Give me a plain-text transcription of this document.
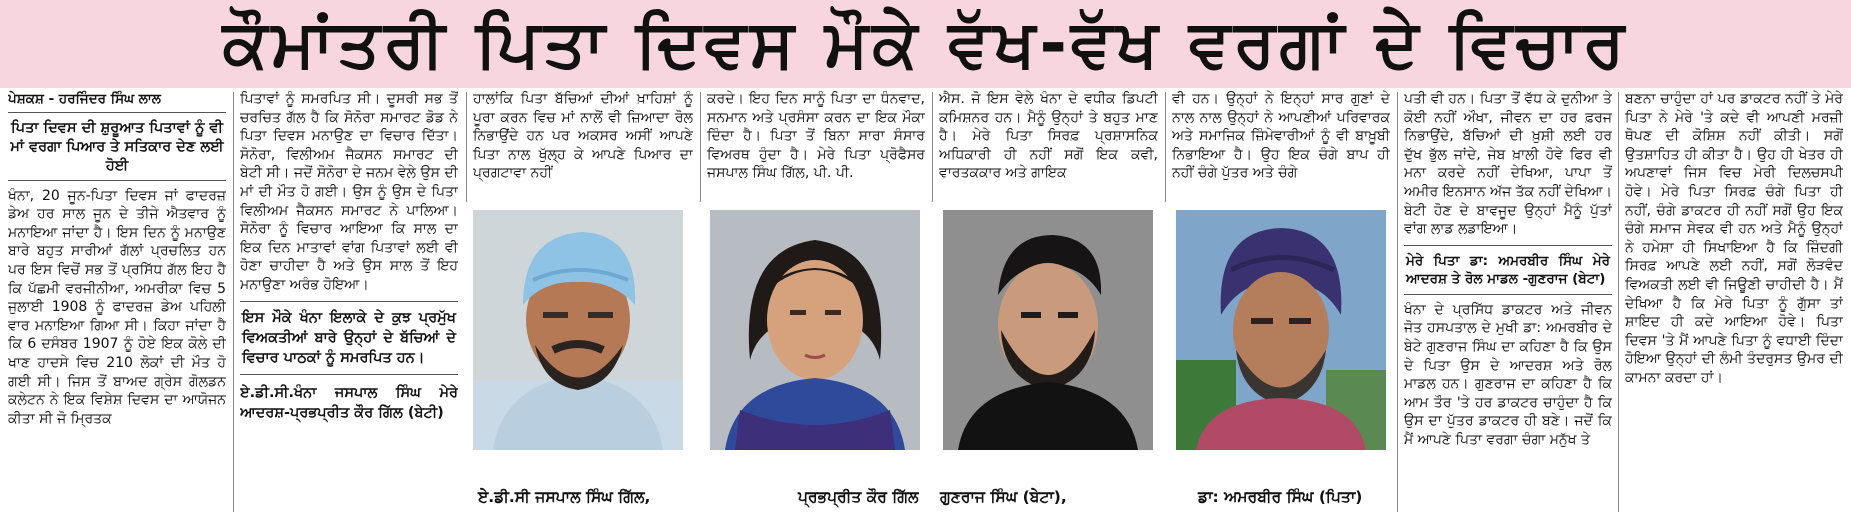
ਕੌਮਾਂਤਰੀ ਪਿਤਾ ਦਿਵਸ ਮੌਕੇ ਵੱਖ-ਵੱਖ ਵਰਗਾਂ ਦੇ ਵਿਚਾਰ
ਪੇਸ਼ਕਸ਼ - ਹਰਜਿੰਦਰ ਸਿੰਘ ਲਾਲ
ਪਿਤਾ ਦਿਵਸ ਦੀ ਸ਼ੁਰੂਆਤ ਪਿਤਾਵਾਂ ਨੂੰ ਵੀ ਮਾਂ ਵਰਗਾ ਪਿਆਰ ਤੇ ਸਤਿਕਾਰ ਦੇਣ ਲਈ ਹੋਈ

ਖੰਨਾ, 20 ਜੂਨ-ਪਿਤਾ ਦਿਵਸ ਜਾਂ ਫਾਦਰਜ਼ ਡੇਅ ਹਰ ਸਾਲ ਜੂਨ ਦੇ ਤੀਜੇ ਐਤਵਾਰ ਨੂੰ ਮਨਾਇਆ ਜਾਂਦਾ ਹੈ। ਇਸ ਦਿਨ ਨੂੰ ਮਨਾਉਣ ਬਾਰੇ ਬਹੁਤ ਸਾਰੀਆਂ ਗੱਲਾਂ ਪ੍ਰਚਲਿਤ ਹਨ ਪਰ ਇਸ ਵਿਚੋਂ ਸਭ ਤੋਂ ਪ੍ਰਸਿੱਧ ਗੱਲ ਇਹ ਹੈ ਕਿ ਪੱਛਮੀ ਵਰਜੀਨੀਆ, ਅਮਰੀਕਾ ਵਿਚ 5 ਜੁਲਾਈ 1908 ਨੂੰ ਫਾਦਰਜ਼ ਡੇਅ ਪਹਿਲੀ ਵਾਰ ਮਨਾਇਆ ਗਿਆ ਸੀ। ਕਿਹਾ ਜਾਂਦਾ ਹੈ ਕਿ 6 ਦਸੰਬਰ 1907 ਨੂੰ ਹੋਏ ਇਕ ਕੋਲੇ ਦੀ ਖਾਣ ਹਾਦਸੇ ਵਿਚ 210 ਲੋਕਾਂ ਦੀ ਮੌਤ ਹੋ ਗਈ ਸੀ। ਜਿਸ ਤੋਂ ਬਾਅਦ ਗ੍ਰੇਸ ਗੋਲਡਨ ਕਲੇਟਨ ਨੇ ਇਕ ਵਿਸ਼ੇਸ਼ ਦਿਵਸ ਦਾ ਆਯੋਜਨ ਕੀਤਾ ਸੀ ਜੋ ਮ੍ਰਿਤਕ

ਪਿਤਾਵਾਂ ਨੂੰ ਸਮਰਪਿਤ ਸੀ। ਦੂਸਰੀ ਸਭ ਤੋਂ ਚਰਚਿਤ ਗੱਲ ਹੈ ਕਿ ਸੋਨੋਰਾ ਸਮਾਰਟ ਡੋਡ ਨੇ ਪਿਤਾ ਦਿਵਸ ਮਨਾਉਣ ਦਾ ਵਿਚਾਰ ਦਿੱਤਾ। ਸੋਨੋਰਾ, ਵਿਲੀਅਮ ਜੈਕਸਨ ਸਮਾਰਟ ਦੀ ਬੇਟੀ ਸੀ। ਜਦੋਂ ਸੋਨੋਰਾ ਦੇ ਜਨਮ ਵੇਲੇ ਉਸ ਦੀ ਮਾਂ ਦੀ ਮੌਤ ਹੋ ਗਈ। ਉਸ ਨੂੰ ਉਸ ਦੇ ਪਿਤਾ ਵਿਲੀਅਮ ਜੈਕਸਨ ਸਮਾਰਟ ਨੇ ਪਾਲਿਆ। ਸੋਨੋਰਾ ਨੂੰ ਵਿਚਾਰ ਆਇਆ ਕਿ ਸਾਲ ਦਾ ਇਕ ਦਿਨ ਮਾਤਾਵਾਂ ਵਾਂਗ ਪਿਤਾਵਾਂ ਲਈ ਵੀ ਹੋਣਾ ਚਾਹੀਦਾ ਹੈ ਅਤੇ ਉਸ ਸਾਲ ਤੋਂ ਇਹ ਮਨਾਉਣਾ ਅਰੰਭ ਹੋਇਆ।

ਇਸ ਮੌਕੇ ਖੰਨਾ ਇਲਾਕੇ ਦੇ ਕੁਝ ਪ੍ਰਮੁੱਖ ਵਿਅਕਤੀਆਂ ਬਾਰੇ ਉਨ੍ਹਾਂ ਦੇ ਬੱਚਿਆਂ ਦੇ ਵਿਚਾਰ ਪਾਠਕਾਂ ਨੂੰ ਸਮਰਪਿਤ ਹਨ।
ਏ.ਡੀ.ਸੀ.ਖੰਨਾ ਜਸਪਾਲ ਸਿੰਘ ਮੇਰੇ ਆਦਰਸ਼-ਪ੍ਰਭਪ੍ਰੀਤ ਕੌਰ ਗਿੱਲ (ਬੇਟੀ)

ਹਾਲਾਂਕਿ ਪਿਤਾ ਬੱਚਿਆਂ ਦੀਆਂ ਖ਼ਾਹਿਸ਼ਾਂ ਨੂੰ ਪੂਰਾ ਕਰਨ ਵਿਚ ਮਾਂ ਨਾਲੋਂ ਵੀ ਜ਼ਿਆਦਾ ਰੋਲ ਨਿਭਾਉਂਦੇ ਹਨ ਪਰ ਅਕਸਰ ਅਸੀਂ ਆਪਣੇ ਪਿਤਾ ਨਾਲ ਖੁੱਲ੍ਹ ਕੇ ਆਪਣੇ ਪਿਆਰ ਦਾ ਪ੍ਰਗਟਾਵਾ ਨਹੀਂ

ਕਰਦੇ। ਇਹ ਦਿਨ ਸਾਨੂੰ ਪਿਤਾ ਦਾ ਧੰਨਵਾਦ, ਸਨਮਾਨ ਅਤੇ ਪ੍ਰਸੰਸਾ ਕਰਨ ਦਾ ਇਕ ਮੌਕਾ ਦਿੰਦਾ ਹੈ। ਪਿਤਾ ਤੋਂ ਬਿਨਾ ਸਾਰਾ ਸੰਸਾਰ ਵਿਅਰਥ ਹੁੰਦਾ ਹੈ। ਮੇਰੇ ਪਿਤਾ ਪ੍ਰੋਫੈਸਰ ਜਸਪਾਲ ਸਿੰਘ ਗਿੱਲ, ਪੀ. ਪੀ.

ਐਸ. ਜੋ ਇਸ ਵੇਲੇ ਖੰਨਾ ਦੇ ਵਧੀਕ ਡਿਪਟੀ ਕਮਿਸ਼ਨਰ ਹਨ। ਮੈਨੂੰ ਉਨ੍ਹਾਂ ਤੇ ਬਹੁਤ ਮਾਣ ਹੈ। ਮੇਰੇ ਪਿਤਾ ਸਿਰਫ਼ ਪ੍ਰਸ਼ਾਸਨਿਕ ਅਧਿਕਾਰੀ ਹੀ ਨਹੀਂ ਸਗੋਂ ਇਕ ਕਵੀ, ਵਾਰਤਕਕਾਰ ਅਤੇ ਗਾਇਕ

ਵੀ ਹਨ। ਉਨ੍ਹਾਂ ਨੇ ਇਨ੍ਹਾਂ ਸਾਰ ਗੁਣਾਂ ਦੇ ਨਾਲ ਨਾਲ ਉਨ੍ਹਾਂ ਨੇ ਆਪਣੀਆਂ ਪਰਿਵਾਰਕ ਅਤੇ ਸਮਾਜਿਕ ਜ਼ਿੰਮੇਵਾਰੀਆਂ ਨੂੰ ਵੀ ਬਾਖ਼ੂਬੀ ਨਿਭਾਇਆ ਹੈ। ਉਹ ਇਕ ਚੰਗੇ ਬਾਪ ਹੀ ਨਹੀਂ ਚੰਗੇ ਪੁੱਤਰ ਅਤੇ ਚੰਗੇ

ਏ.ਡੀ.ਸੀ ਜਸਪਾਲ ਸਿੰਘ ਗਿੱਲ,	ਪ੍ਰਭਪ੍ਰੀਤ ਕੌਰ ਗਿੱਲ ਗੁਣਰਾਜ ਸਿੰਘ (ਬੇਟਾ),	ਡਾ: ਅਮਰਬੀਰ ਸਿੰਘ (ਪਿਤਾ)

ਪਤੀ ਵੀ ਹਨ। ਪਿਤਾ ਤੋਂ ਵੱਧ ਕੇ ਦੁਨੀਆ ਤੇ ਕੋਈ ਨਹੀਂ ਔਖਾ, ਜੀਵਨ ਦਾ ਹਰ ਫ਼ਰਜ ਨਿਭਾਉਂਦੇ, ਬੱਚਿਆਂ ਦੀ ਖ਼ੁਸ਼ੀ ਲਈ ਹਰ ਦੁੱਖ ਭੁੱਲ ਜਾਂਦੇ, ਜੇਬ ਖ਼ਾਲੀ ਹੋਵੇ ਫਿਰ ਵੀ ਮਨਾ ਕਰਦੇ ਨਹੀਂ ਦੇਖਿਆ, ਪਾਪਾ ਤੋਂ ਅਮੀਰ ਇਨਸਾਨ ਅੱਜ ਤੱਕ ਨਹੀਂ ਦੇਖਿਆ। ਬੇਟੀ ਹੋਣ ਦੇ ਬਾਵਜੂਦ ਉਨ੍ਹਾਂ ਮੈਨੂੰ ਪੁੱਤਾਂ ਵਾਂਗ ਲਾਡ ਲਡਾਇਆ।

ਮੇਰੇ ਪਿਤਾ ਡਾ: ਅਮਰਬੀਰ ਸਿੰਘ ਮੇਰੇ ਆਦਰਸ਼ ਤੇ ਰੋਲ ਮਾਡਲ -ਗੁਣਰਾਜ (ਬੇਟਾ)

ਖੰਨਾ ਦੇ ਪ੍ਰਸਿੱਧ ਡਾਕਟਰ ਅਤੇ ਜੀਵਨ ਜੋਤ ਹਸਪਤਾਲ ਦੇ ਮੁਖੀ ਡਾ: ਅਮਰਬੀਰ ਦੇ ਬੇਟੇ ਗੁਣਰਾਜ ਸਿੰਘ ਦਾ ਕਹਿਣਾ ਹੈ ਕਿ ਉਸ ਦੇ ਪਿਤਾ ਉਸ ਦੇ ਆਦਰਸ਼ ਅਤੇ ਰੋਲ ਮਾਡਲ ਹਨ। ਗੁਣਰਾਜ ਦਾ ਕਹਿਣਾ ਹੈ ਕਿ ਆਮ ਤੌਰ 'ਤੇ ਹਰ ਡਾਕਟਰ ਚਾਹੁੰਦਾ ਹੈ ਕਿ ਉਸ ਦਾ ਪੁੱਤਰ ਡਾਕਟਰ ਹੀ ਬਣੇ। ਜਦੋਂ ਕਿ ਮੈਂ ਆਪਣੇ ਪਿਤਾ ਵਰਗਾ ਚੰਗਾ ਮਨੁੱਖ ਤੇ

ਬਣਨਾ ਚਾਹੁੰਦਾ ਹਾਂ ਪਰ ਡਾਕਟਰ ਨਹੀਂ ਤੇ ਮੇਰੇ ਪਿਤਾ ਨੇ ਮੇਰੇ 'ਤੇ ਕਦੇ ਵੀ ਆਪਣੀ ਮਰਜ਼ੀ ਥੋਪਣ ਦੀ ਕੋਸ਼ਿਸ਼ ਨਹੀਂ ਕੀਤੀ। ਸਗੋਂ ਉਤਸ਼ਾਹਿਤ ਹੀ ਕੀਤਾ ਹੈ। ਉਹ ਹੀ ਖੇਤਰ ਹੀ ਅਪਣਾਵਾਂ ਜਿਸ ਵਿਚ ਮੇਰੀ ਦਿਲਚਸਪੀ ਹੋਵੇ। ਮੇਰੇ ਪਿਤਾ ਸਿਰਫ਼ ਚੰਗੇ ਪਿਤਾ ਹੀ ਨਹੀਂ, ਚੰਗੇ ਡਾਕਟਰ ਹੀ ਨਹੀਂ ਸਗੋਂ ਉਹ ਇਕ ਚੰਗੇ ਸਮਾਜ ਸੇਵਕ ਵੀ ਹਨ ਅਤੇ ਮੈਨੂੰ ਉਨ੍ਹਾਂ ਨੇ ਹਮੇਸ਼ਾ ਹੀ ਸਿਖਾਇਆ ਹੈ ਕਿ ਜ਼ਿੰਦਗੀ ਸਿਰਫ਼ ਆਪਣੇ ਲਈ ਨਹੀਂ, ਸਗੋਂ ਲੋੜਵੰਦ ਵਿਅਕਤੀ ਲਈ ਵੀ ਜਿਊਣੀ ਚਾਹੀਦੀ ਹੈ। ਮੈਂ ਦੇਖਿਆ ਹੈ ਕਿ ਮੇਰੇ ਪਿਤਾ ਨੂੰ ਗੁੱਸਾ ਤਾਂ ਸ਼ਾਇਦ ਹੀ ਕਦੇ ਆਇਆ ਹੋਵੇ। ਪਿਤਾ ਦਿਵਸ 'ਤੇ ਮੈਂ ਆਪਣੇ ਪਿਤਾ ਨੂੰ ਵਧਾਈ ਦਿੰਦਾ ਹੋਇਆ ਉਨ੍ਹਾਂ ਦੀ ਲੰਮੀ ਤੰਦਰੁਸਤ ਉਮਰ ਦੀ ਕਾਮਨਾ ਕਰਦਾ ਹਾਂ।
